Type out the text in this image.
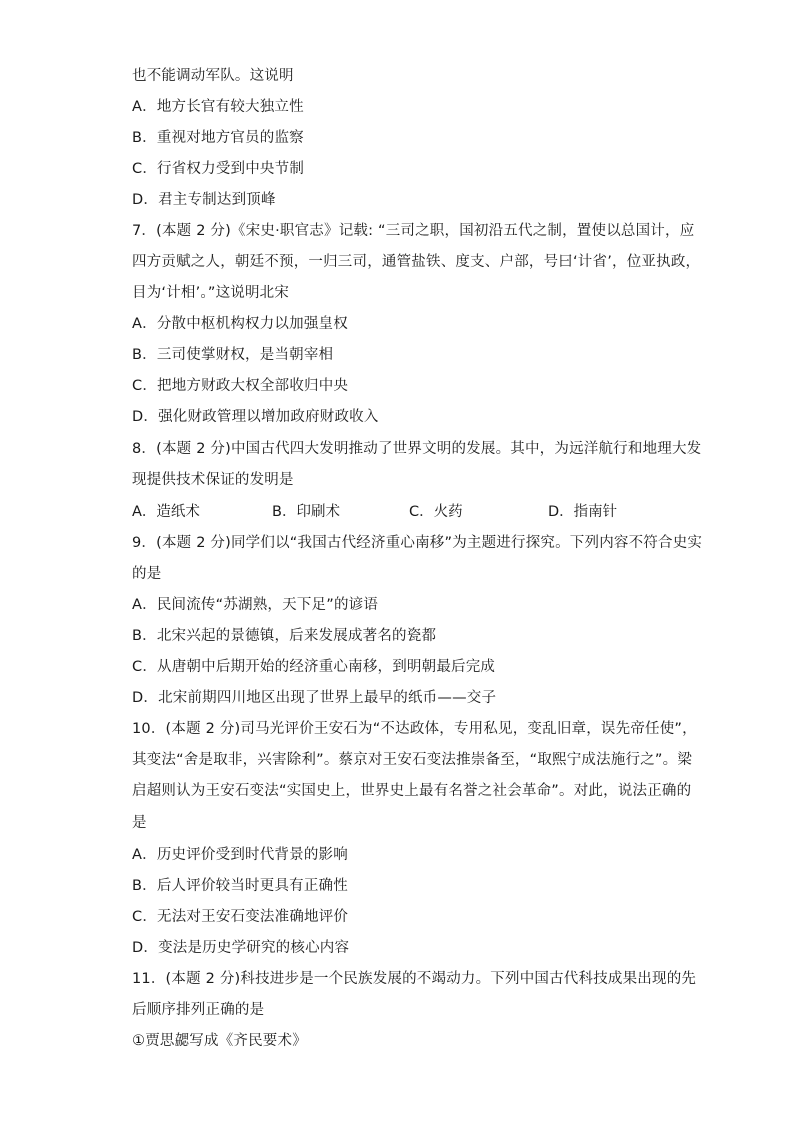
也不能调动军队。这说明
A．地方长官有较大独立性
B．重视对地方官员的监察
C．行省权力受到中央节制
D．君主专制达到顶峰
7．(本题 2 分)《宋史·职官志》记载: “三司之职，国初沿五代之制，置使以总国计，应
四方贡赋之人，朝廷不预，一归三司，通管盐铁、度支、户部，号曰‘计省’，位亚执政，
目为‘计相’。”这说明北宋
A．分散中枢机构权力以加强皇权
B．三司使掌财权，是当朝宰相
C．把地方财政大权全部收归中央
D．强化财政管理以增加政府财政收入
8．(本题 2 分)中国古代四大发明推动了世界文明的发展。其中，为远洋航行和地理大发
现提供技术保证的发明是
A．造纸术	B．印刷术	C．火药	D．指南针
9．(本题 2 分)同学们以“我国古代经济重心南移”为主题进行探究。下列内容不符合史实
的是
A．民间流传“苏湖熟，天下足”的谚语
B．北宋兴起的景德镇，后来发展成著名的瓷都
C．从唐朝中后期开始的经济重心南移，到明朝最后完成
D．北宋前期四川地区出现了世界上最早的纸币——交子
10．(本题 2 分)司马光评价王安石为“不达政体，专用私见，变乱旧章，误先帝任使”，
其变法“舍是取非，兴害除利”。蔡京对王安石变法推崇备至，“取熙宁成法施行之”。梁
启超则认为王安石变法“实国史上，世界史上最有名誉之社会革命”。对此，说法正确的
是
A．历史评价受到时代背景的影响
B．后人评价较当时更具有正确性
C．无法对王安石变法准确地评价
D．变法是历史学研究的核心内容
11．(本题 2 分)科技进步是一个民族发展的不竭动力。下列中国古代科技成果出现的先
后顺序排列正确的是
①贾思勰写成《齐民要术》
